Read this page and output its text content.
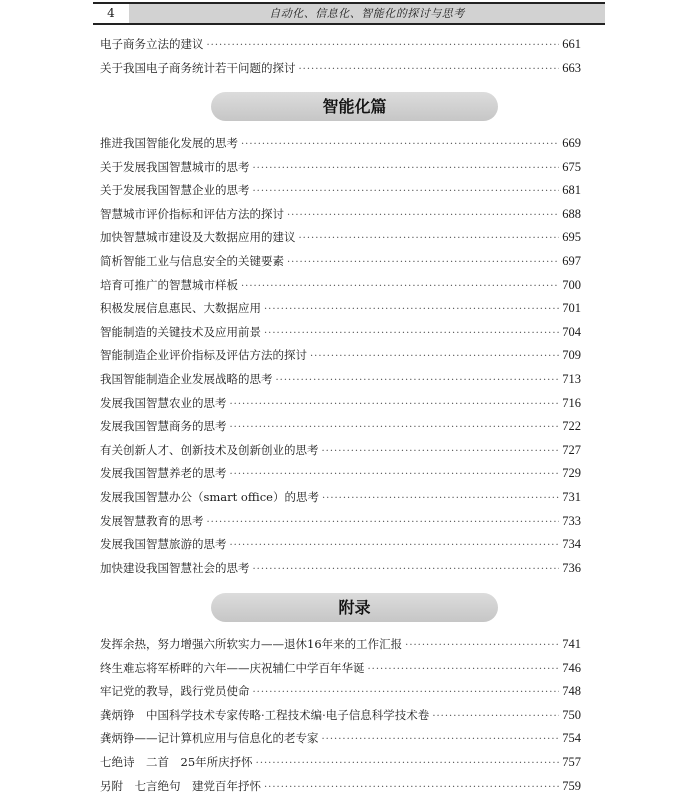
4	自动化、信息化、智能化的探讨与思考
电子商务立法的建议 ·····	661
关于我国电子商务统计若干问题的探讨 ·····	663
智能化篇
推进我国智能化发展的思考 ·····	669
关于发展我国智慧城市的思考 ·····	675
关于发展我国智慧企业的思考 ·····	681
智慧城市评价指标和评估方法的探讨 ·····	688
加快智慧城市建设及大数据应用的建议 ·····	695
简析智能工业与信息安全的关键要素 ·····	697
培育可推广的智慧城市样板 ·····	700
积极发展信息惠民、大数据应用 ·····	701
智能制造的关键技术及应用前景 ·····	704
智能制造企业评价指标及评估方法的探讨 ·····	709
我国智能制造企业发展战略的思考 ·····	713
发展我国智慧农业的思考 ·····	716
发展我国智慧商务的思考 ·····	722
有关创新人才、创新技术及创新创业的思考 ·····	727
发展我国智慧养老的思考 ·····	729
发展我国智慧办公（smart office）的思考 ·····	731
发展智慧教育的思考 ·····	733
发展我国智慧旅游的思考 ·····	734
加快建设我国智慧社会的思考 ·····	736
附录
发挥余热，努力增强六所软实力——退休16年来的工作汇报 ·····	741
终生难忘将军桥畔的六年——庆祝辅仁中学百年华诞 ·····	746
牢记党的教导，践行党员使命 ·····	748
龚炳铮　中国科学技术专家传略·工程技术编·电子信息科学技术卷 ·····	750
龚炳铮——记计算机应用与信息化的老专家 ·····	754
七绝诗　二首　25年所庆抒怀 ·····	757
另附　七言绝句　建党百年抒怀 ·····	759
